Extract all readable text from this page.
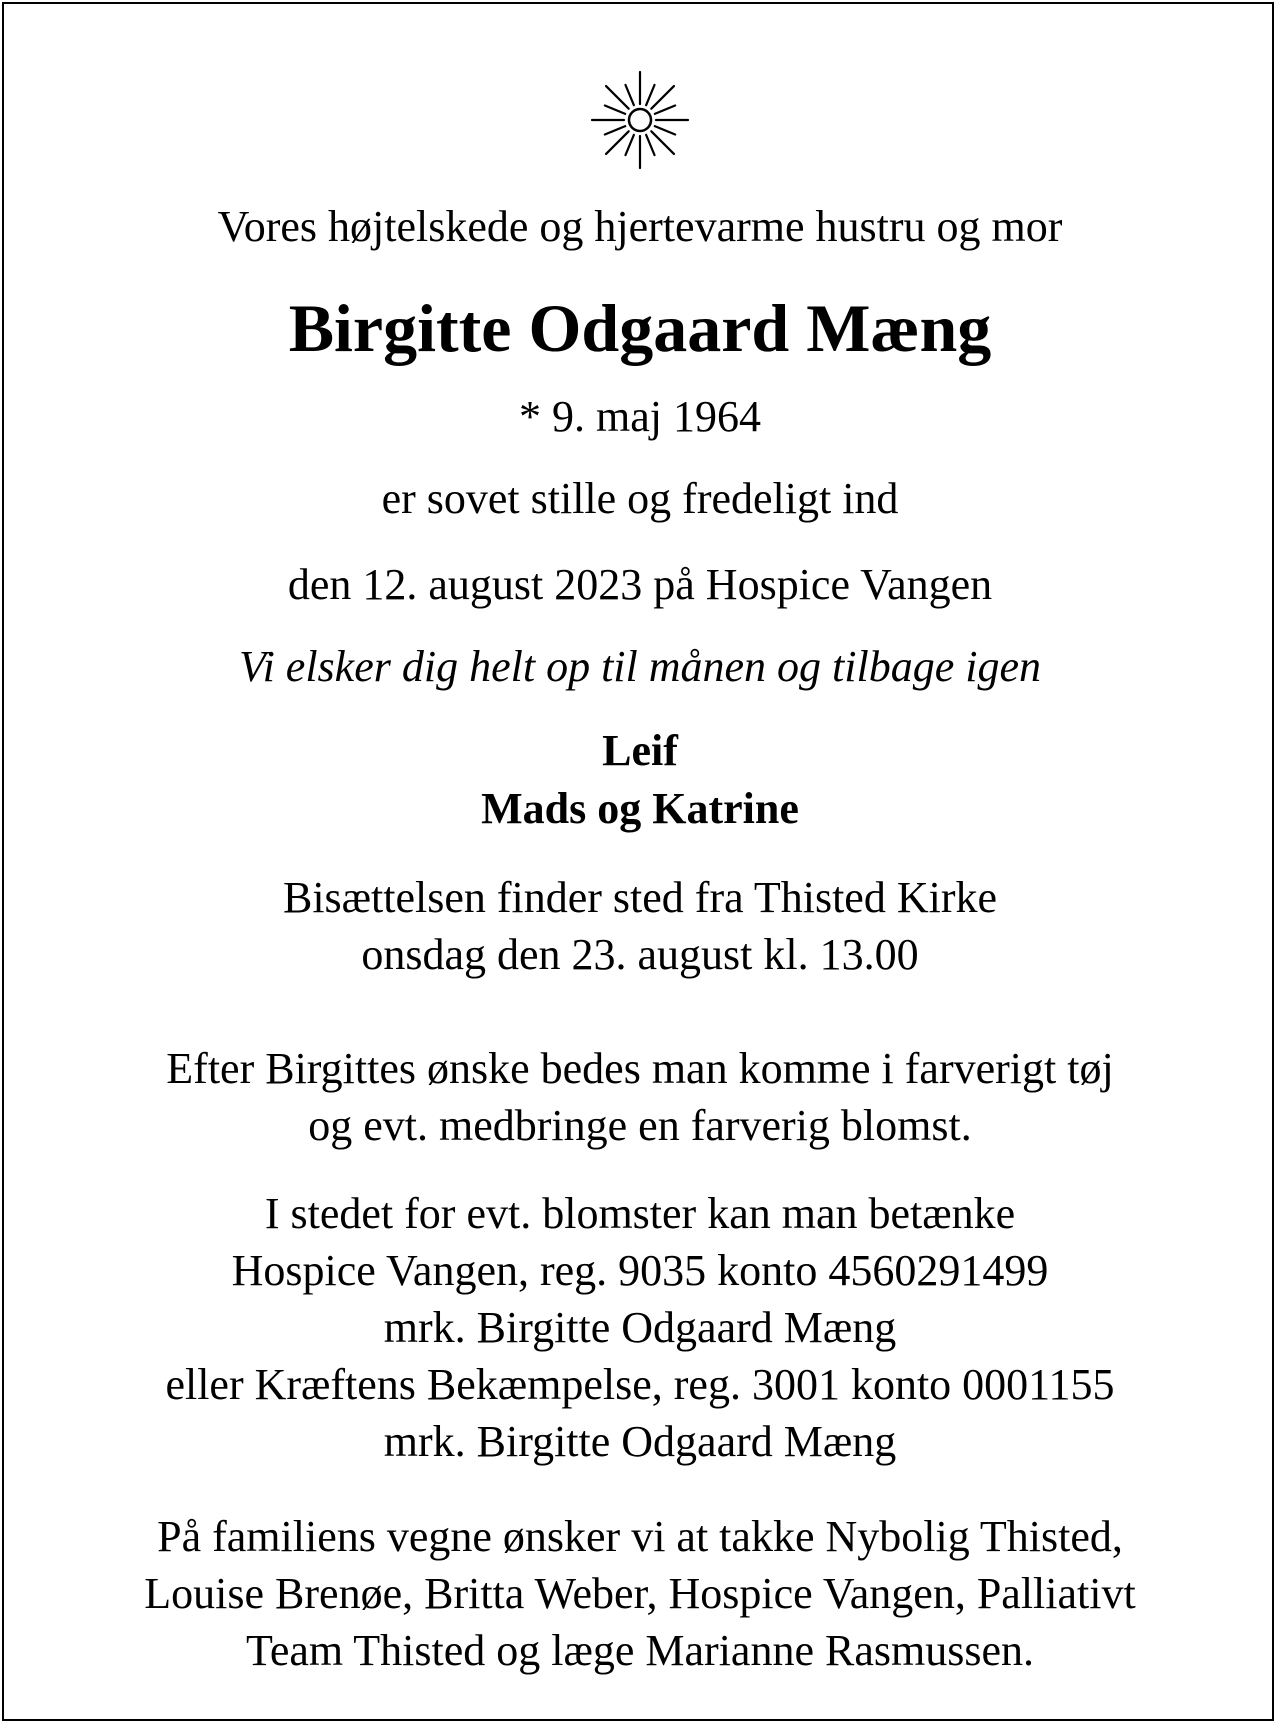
Vores højtelskede og hjertevarme hustru og mor
Birgitte Odgaard Mæng
* 9. maj 1964
er sovet stille og fredeligt ind
den 12. august 2023 på Hospice Vangen
Vi elsker dig helt op til månen og tilbage igen
Leif
Mads og Katrine
Bisættelsen finder sted fra Thisted Kirke
onsdag den 23. august kl. 13.00
Efter Birgittes ønske bedes man komme i farverigt tøj
og evt. medbringe en farverig blomst.
I stedet for evt. blomster kan man betænke
Hospice Vangen, reg. 9035 konto 4560291499
mrk. Birgitte Odgaard Mæng
eller Kræftens Bekæmpelse, reg. 3001 konto 0001155
mrk. Birgitte Odgaard Mæng
På familiens vegne ønsker vi at takke Nybolig Thisted,
Louise Brenøe, Britta Weber, Hospice Vangen, Palliativt
Team Thisted og læge Marianne Rasmussen.
